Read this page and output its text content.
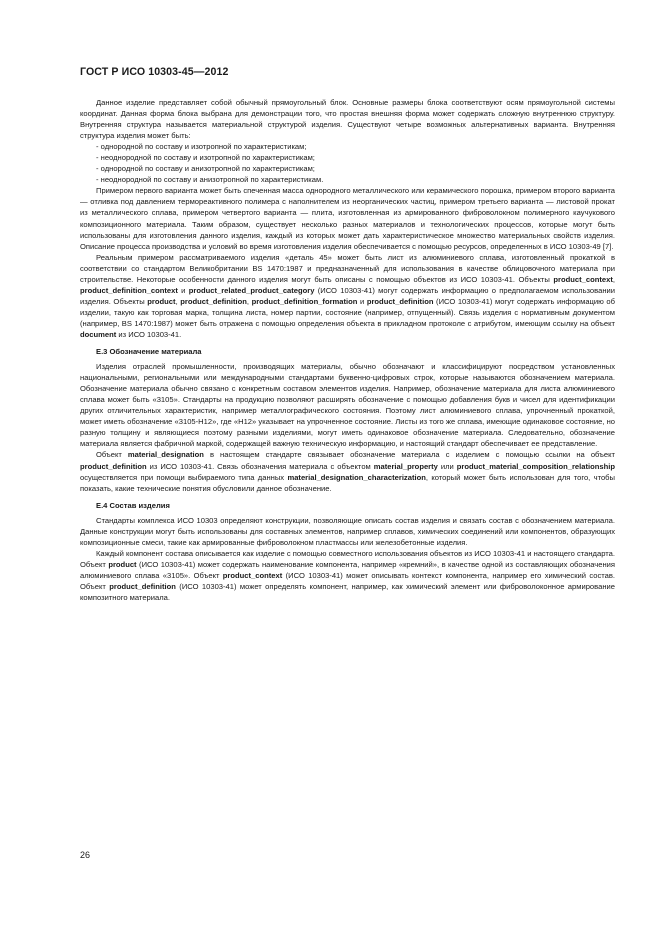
ГОСТ Р ИСО 10303-45—2012

Данное изделие представляет собой обычный прямоугольный блок. Основные размеры блока соответствуют осям прямоугольной системы координат. Данная форма блока выбрана для демонстрации того, что простая внешняя форма может содержать сложную внутреннюю структуру. Внутренняя структура называется материальной структурой изделия. Существуют четыре возможных альтернативных варианта. Внутренняя структура изделия может быть:

- однородной по составу и изотропной по характеристикам;
- неоднородной по составу и изотропной по характеристикам;
- однородной по составу и анизотропной по характеристикам;
- неоднородной по составу и анизотропной по характеристикам.

Примером первого варианта может быть спеченная масса однородного металлического или керамического порошка, примером второго варианта — отливка под давлением термореактивного полимера с наполнителем из неорганических частиц, примером третьего варианта — листовой прокат из металлического сплава, примером четвертого варианта — плита, изготовленная из армированного фиброволокном полимерного каучукового композиционного материала. Таким образом, существует несколько разных материалов и технологических процессов, которые могут быть использованы для изготовления данного изделия, каждый из которых может дать характеристическое множество материальных свойств изделия. Описание процесса производства и условий во время изготовления изделия обеспечивается с помощью ресурсов, определенных в ИСО 10303-49 [7].

Реальным примером рассматриваемого изделия «деталь 45» может быть лист из алюминиевого сплава, изготовленный прокаткой в соответствии со стандартом Великобритании BS 1470:1987 и предназначенный для использования в качестве облицовочного материала при строительстве. Некоторые особенности данного изделия могут быть описаны с помощью объектов из ИСО 10303-41. Объекты product_context, product_definition_context и product_related_product_category (ИСО 10303-41) могут содержать информацию о предполагаемом использовании изделия. Объекты product, product_definition, product_definition_formation и product_definition (ИСО 10303-41) могут содержать информацию об изделии, такую как торговая марка, толщина листа, номер партии, состояние (например, отпущенный). Связь изделия с нормативным документом (например, BS 1470:1987) может быть отражена с помощью определения объекта в прикладном протоколе с атрибутом, имеющим ссылку на объект document из ИСО 10303-41.

Е.3 Обозначение материала

Изделия отраслей промышленности, производящих материалы, обычно обозначают и классифицируют посредством установленных национальными, региональными или международными стандартами буквенно-цифровых строк, которые называются обозначением материала. Обозначение материала обычно связано с конкретным составом элементов изделия. Например, обозначение материала для листа алюминиевого сплава может быть «3105». Стандарты на продукцию позволяют расширять обозначение с помощью добавления букв и чисел для идентификации других отличительных характеристик, например металлографического состояния. Поэтому лист алюминиевого сплава, упрочненный прокаткой, может иметь обозначение «3105-Н12», где «Н12» указывает на упрочненное состояние. Листы из того же сплава, имеющие одинаковое состояние, но разную толщину и являющиеся поэтому разными изделиями, могут иметь одинаковое обозначение материала. Следовательно, обозначение материала является фабричной маркой, содержащей важную техническую информацию, и настоящий стандарт обеспечивает ее представление.

Объект material_designation в настоящем стандарте связывает обозначение материала с изделием с помощью ссылки на объект product_definition из ИСО 10303-41. Связь обозначения материала с объектом material_property или product_material_composition_relationship осуществляется при помощи выбираемого типа данных material_designation_characterization, который может быть использован для того, чтобы показать, какие технические понятия обусловили данное обозначение.

Е.4 Состав изделия

Стандарты комплекса ИСО 10303 определяют конструкции, позволяющие описать состав изделия и связать состав с обозначением материала. Данные конструкции могут быть использованы для составных элементов, например сплавов, химических соединений или компонентов, образующих композиционные смеси, такие как армированные фиброволокном пластмассы или железобетонные изделия.

Каждый компонент состава описывается как изделие с помощью совместного использования объектов из ИСО 10303-41 и настоящего стандарта. Объект product (ИСО 10303-41) может содержать наименование компонента, например «кремний», в качестве одной из составляющих обозначения алюминиевого сплава «3105». Объект product_context (ИСО 10303-41) может описывать контекст компонента, например его химический состав. Объект product_definition (ИСО 10303-41) может определять компонент, например, как химический элемент или фиброволоконное армирование композитного материала.

26
